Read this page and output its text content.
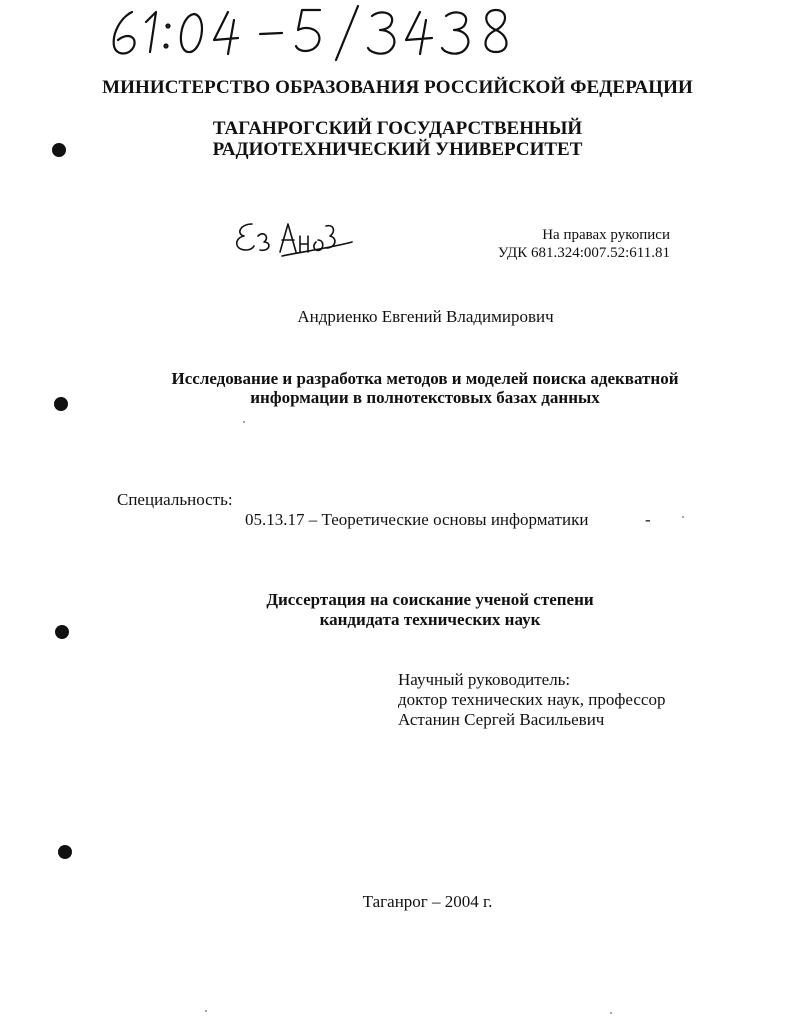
МИНИСТЕРСТВО ОБРАЗОВАНИЯ РОССИЙСКОЙ ФЕДЕРАЦИИ
ТАГАНРОГСКИЙ ГОСУДАРСТВЕННЫЙ
РАДИОТЕХНИЧЕСКИЙ УНИВЕРСИТЕТ
На правах рукописи
УДК 681.324:007.52:611.81
Андриенко Евгений Владимирович
Исследование и разработка методов и моделей поиска адекватной
информации в полнотекстовых базах данных
Специальность:
05.13.17 – Теоретические основы информатики	-
Диссертация на соискание ученой степени
кандидата технических наук
Научный руководитель:
доктор технических наук, профессор
Астанин Сергей Васильевич
Таганрог – 2004 г.
